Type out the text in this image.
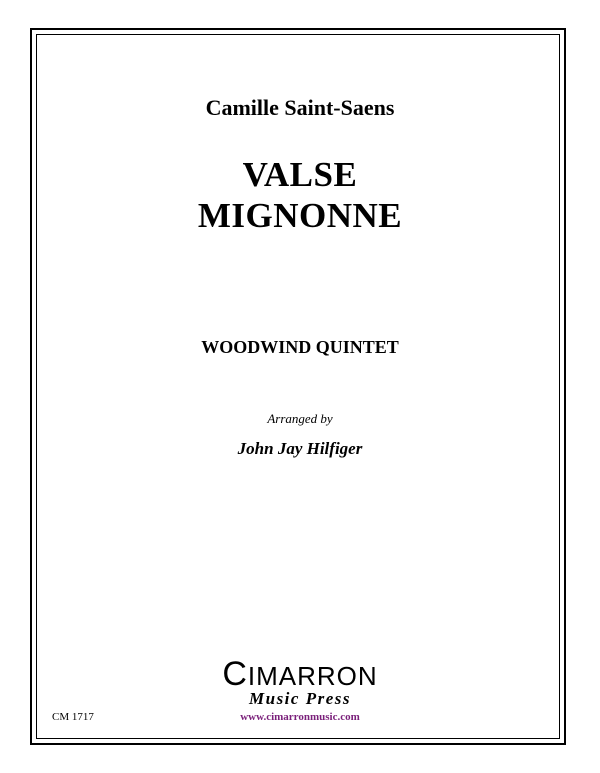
Camille Saint-Saens
VALSE
MIGNONNE
WOODWIND QUINTET
Arranged by
John Jay Hilfiger
CIMARRON
Music Press
www.cimarronmusic.com
CM 1717
